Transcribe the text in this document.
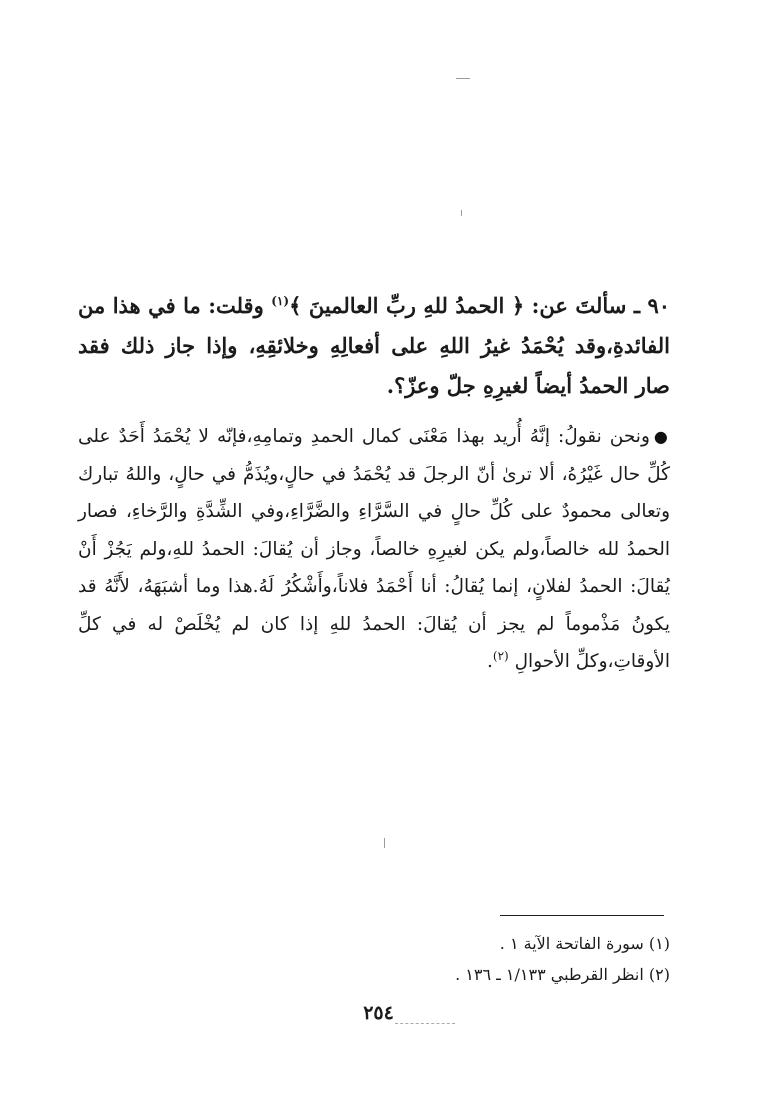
٩٠ ـ سألتَ عن: ﴿ الحمدُ للهِ ربِّ العالمينَ ﴾$^{(١)}$ وقلت: ما في هذا من الفائدةِ،وقد يُحْمَدُ غيرُ اللهِ على أفعالِهِ وخلائقِهِ، وإذا جاز ذلك فقد صار الحمدُ أيضاً لغيرِهِ جلّ وعزّ؟.
●ونحن نقولُ: إنَّهُ أُريد بهذا مَعْنَى كمال الحمدِ وتمامِهِ،فإنّه لا يُحْمَدُ أَحَدٌ على كُلِّ حال غَيْرُهُ، ألا ترىٰ أنّ الرجلَ قد يُحْمَدُ في حالٍ،ويُذَمُّ في حالٍ، واللهُ تبارك وتعالى محمودٌ على كُلِّ حالٍ في السَّرَّاءِ والضَّرَّاءِ،وفي الشِّدَّةِ والرَّخاءِ، فصار الحمدُ لله خالصاً،ولم يكن لغيرِهِ خالصاً، وجاز أن يُقالَ: الحمدُ للهِ،ولم يَجُزْ أَنْ يُقالَ: الحمدُ لفلانٍ، إنما يُقالُ: أنا أَحْمَدُ فلاناً،وأَشْكُرُ لَهُ.هذا وما أشبَهَهُ، لأَنَّهُ قد يكونُ مَذْموماً لم يجز أن يُقالَ: الحمدُ للهِ إذا كان لم يُخْلَصْ له في كلِّ الأوقاتِ،وكلِّ الأحوالِ $^{(٢)}$.
(١) سورة الفاتحة الآية ١ .
(٢) انظر القرطبي ١/١٣٣ ـ ١٣٦ .
٢٥٤
